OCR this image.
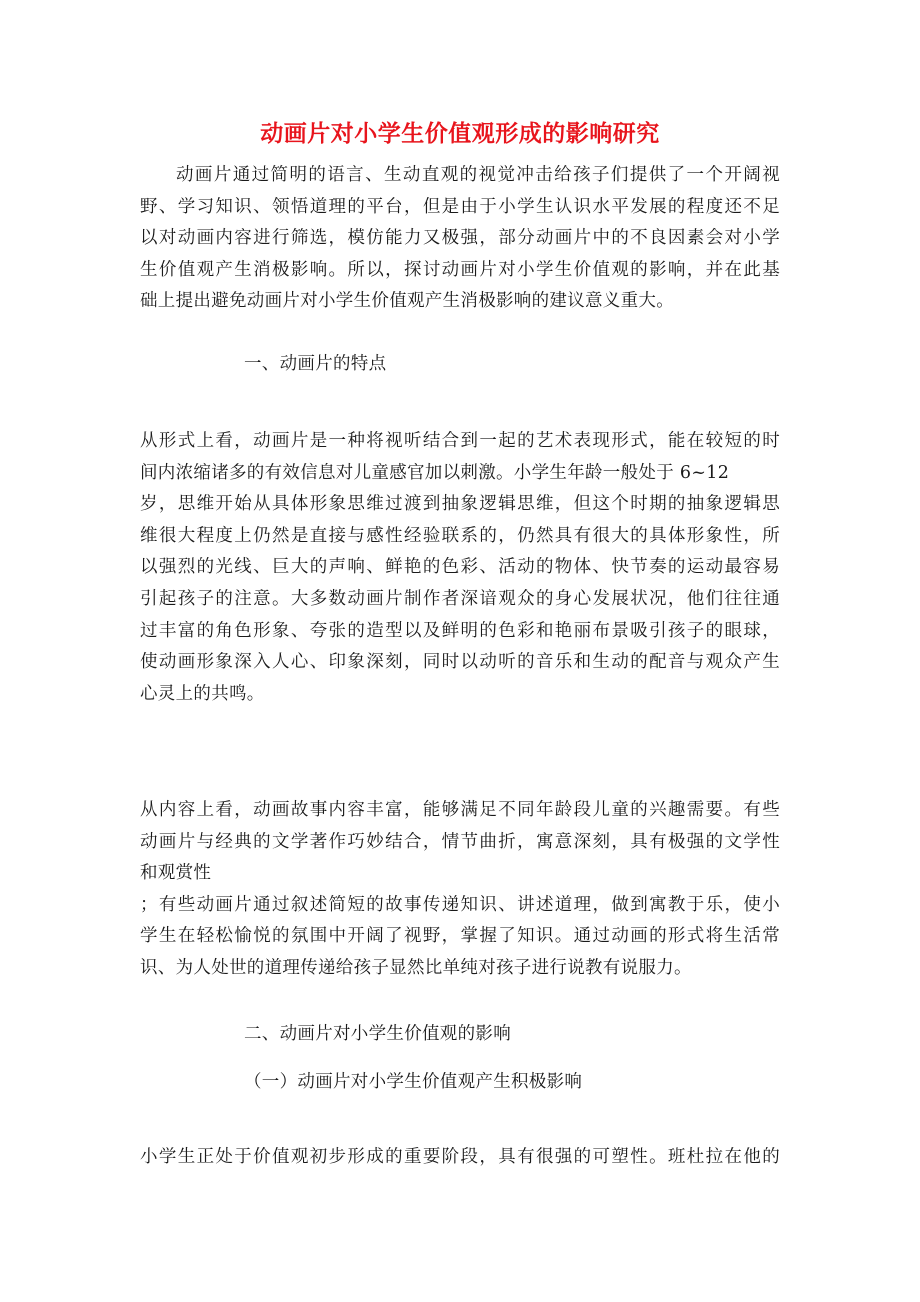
动画片对小学生价值观形成的影响研究
动画片通过简明的语言、生动直观的视觉冲击给孩子们提供了一个开阔视
野、学习知识、领悟道理的平台，但是由于小学生认识水平发展的程度还不足
以对动画内容进行筛选，模仿能力又极强，部分动画片中的不良因素会对小学
生价值观产生消极影响。所以，探讨动画片对小学生价值观的影响，并在此基
础上提出避免动画片对小学生价值观产生消极影响的建议意义重大。
一、动画片的特点
从形式上看，动画片是一种将视听结合到一起的艺术表现形式，能在较短的时
间内浓缩诸多的有效信息对儿童感官加以刺激。小学生年龄一般处于 6~12
岁，思维开始从具体形象思维过渡到抽象逻辑思维，但这个时期的抽象逻辑思
维很大程度上仍然是直接与感性经验联系的，仍然具有很大的具体形象性，所
以强烈的光线、巨大的声响、鲜艳的色彩、活动的物体、快节奏的运动最容易
引起孩子的注意。大多数动画片制作者深谙观众的身心发展状况，他们往往通
过丰富的角色形象、夸张的造型以及鲜明的色彩和艳丽布景吸引孩子的眼球，
使动画形象深入人心、印象深刻，同时以动听的音乐和生动的配音与观众产生
心灵上的共鸣。
从内容上看，动画故事内容丰富，能够满足不同年龄段儿童的兴趣需要。有些
动画片与经典的文学著作巧妙结合，情节曲折，寓意深刻，具有极强的文学性
和观赏性
；有些动画片通过叙述简短的故事传递知识、讲述道理，做到寓教于乐，使小
学生在轻松愉悦的氛围中开阔了视野，掌握了知识。通过动画的形式将生活常
识、为人处世的道理传递给孩子显然比单纯对孩子进行说教有说服力。
二、动画片对小学生价值观的影响
（一）动画片对小学生价值观产生积极影响
小学生正处于价值观初步形成的重要阶段，具有很强的可塑性。班杜拉在他的
